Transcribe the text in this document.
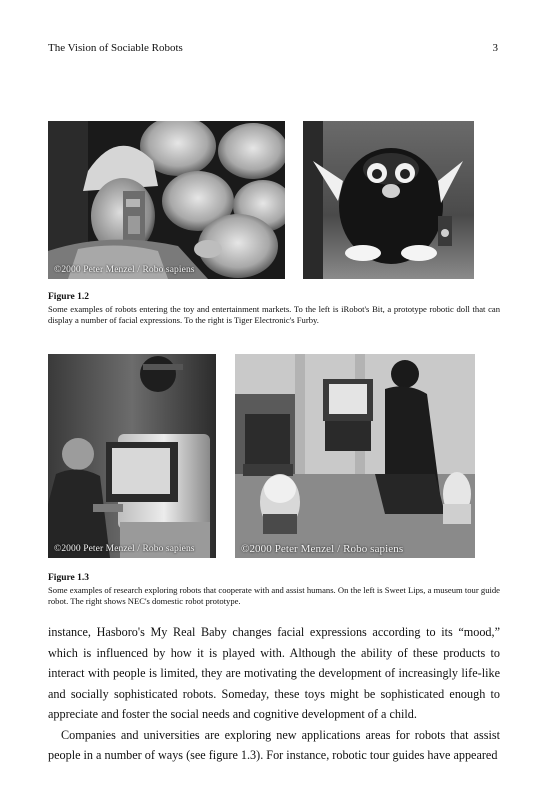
The Vision of Sociable Robots	3
©2000 Peter Menzel / Robo sapiens
Figure 1.2
Some examples of robots entering the toy and entertainment markets. To the left is iRobot's Bit, a prototype robotic doll that can display a number of facial expressions. To the right is Tiger Electronic's Furby.
©2000 Peter Menzel / Robo sapiens	©2000 Peter Menzel / Robo sapiens
Figure 1.3
Some examples of research exploring robots that cooperate with and assist humans. On the left is Sweet Lips, a museum tour guide robot. The right shows NEC's domestic robot prototype.

instance, Hasboro's My Real Baby changes facial expressions according to its “mood,” which is influenced by how it is played with. Although the ability of these products to interact with people is limited, they are motivating the development of increasingly life-like and socially sophisticated robots. Someday, these toys might be sophisticated enough to appreciate and foster the social needs and cognitive development of a child.

Companies and universities are exploring new applications areas for robots that assist people in a number of ways (see figure 1.3). For instance, robotic tour guides have appeared
